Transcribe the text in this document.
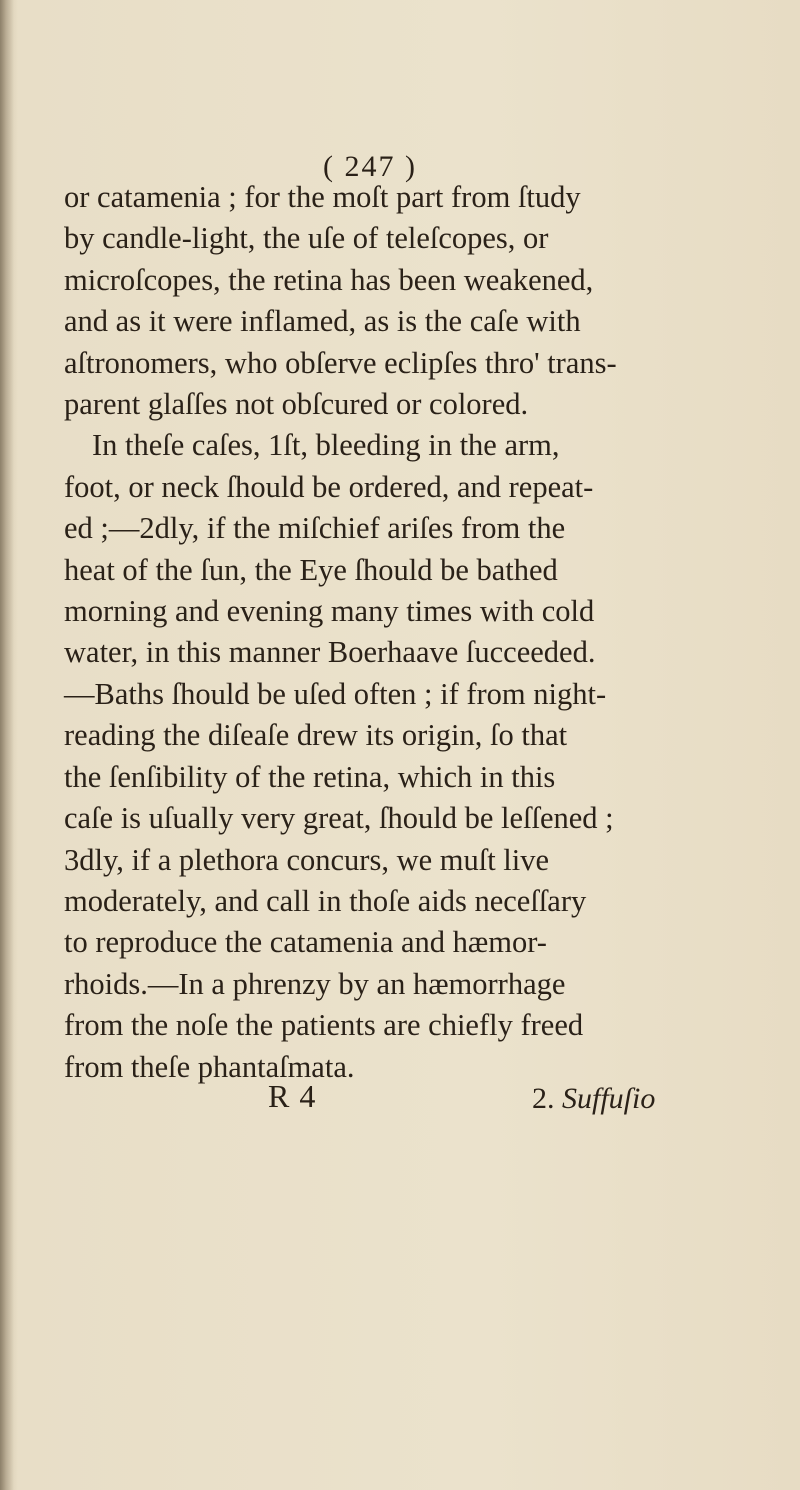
( 247 )
or catamenia ; for the moſt part from ſtudy
by candle-light, the uſe of teleſcopes, or
microſcopes, the retina has been weakened,
and as it were inflamed, as is the caſe with
aſtronomers, who obſerve eclipſes thro' trans-
parent glaſſes not obſcured or colored.
In theſe caſes, 1ſt, bleeding in the arm,
foot, or neck ſhould be ordered, and repeat-
ed ;—2dly, if the miſchief ariſes from the
heat of the ſun, the Eye ſhould be bathed
morning and evening many times with cold
water, in this manner Boerhaave ſucceeded.
—Baths ſhould be uſed often ; if from night-
reading the diſeaſe drew its origin, ſo that
the ſenſibility of the retina, which in this
caſe is uſually very great, ſhould be leſſened ;
3dly, if a plethora concurs, we muſt live
moderately, and call in thoſe aids neceſſary
to reproduce the catamenia and hæmor-
rhoids.—In a phrenzy by an hæmorrhage
from the noſe the patients are chiefly freed
from theſe phantaſmata.
R 4	2. Suffuſio
